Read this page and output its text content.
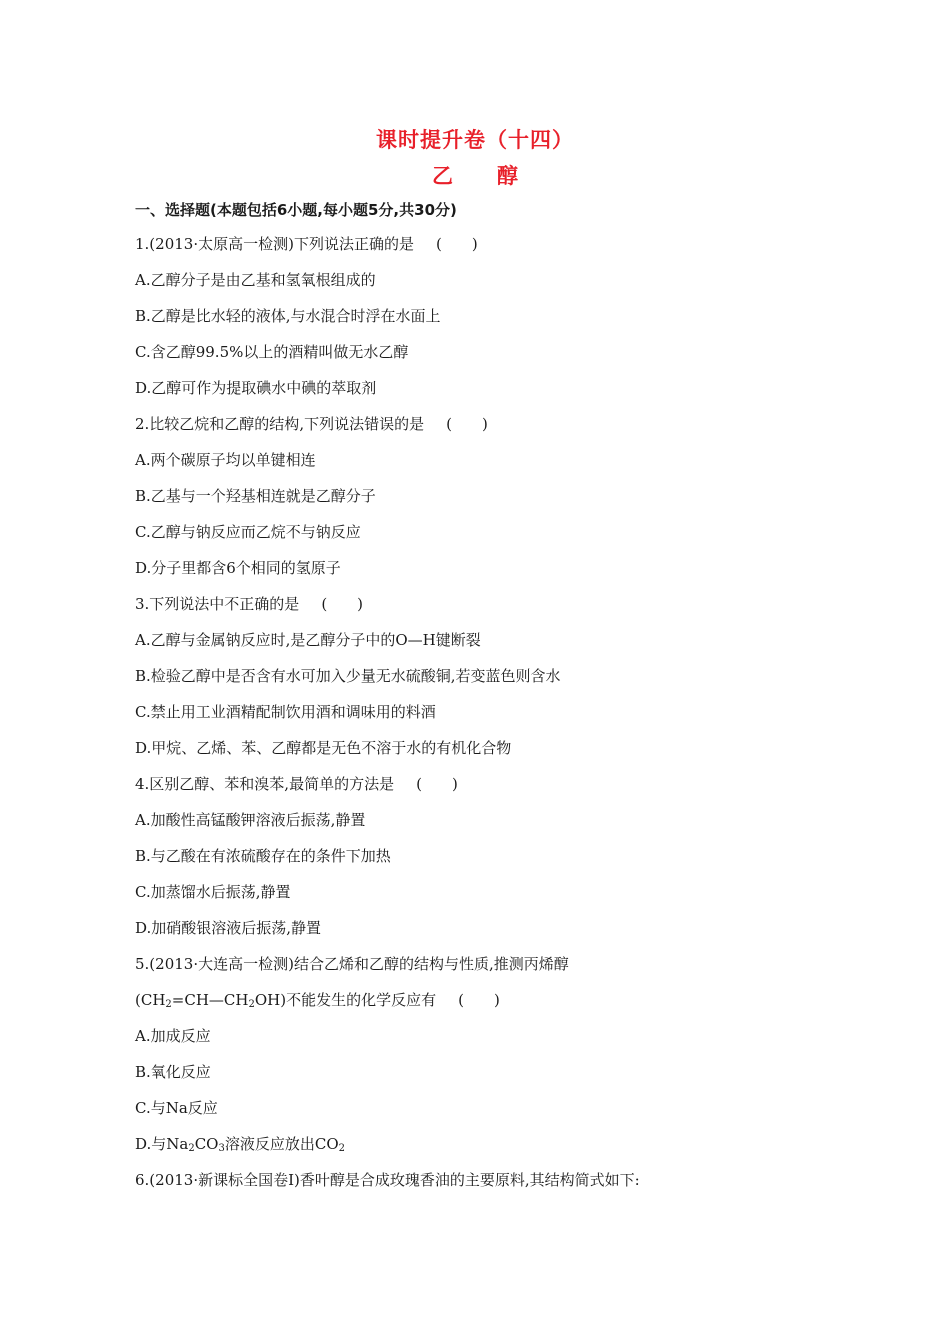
课时提升卷（十四）
乙 醇
一、选择题(本题包括6小题,每小题5分,共30分)
1.(2013·太原高一检测)下列说法正确的是 (　　)
A.乙醇分子是由乙基和氢氧根组成的
B.乙醇是比水轻的液体,与水混合时浮在水面上
C.含乙醇99.5%以上的酒精叫做无水乙醇
D.乙醇可作为提取碘水中碘的萃取剂
2.比较乙烷和乙醇的结构,下列说法错误的是 (　　)
A.两个碳原子均以单键相连
B.乙基与一个羟基相连就是乙醇分子
C.乙醇与钠反应而乙烷不与钠反应
D.分子里都含6个相同的氢原子
3.下列说法中不正确的是 (　　)
A.乙醇与金属钠反应时,是乙醇分子中的O—H键断裂
B.检验乙醇中是否含有水可加入少量无水硫酸铜,若变蓝色则含水
C.禁止用工业酒精配制饮用酒和调味用的料酒
D.甲烷、乙烯、苯、乙醇都是无色不溶于水的有机化合物
4.区别乙醇、苯和溴苯,最简单的方法是 (　　)
A.加酸性高锰酸钾溶液后振荡,静置
B.与乙酸在有浓硫酸存在的条件下加热
C.加蒸馏水后振荡,静置
D.加硝酸银溶液后振荡,静置
5.(2013·大连高一检测)结合乙烯和乙醇的结构与性质,推测丙烯醇
$(CH_2=CH—CH_2OH)$不能发生的化学反应有 (　　)
A.加成反应
B.氧化反应
C.与Na反应
D.与$Na_2CO_3$溶液反应放出$CO_2$
6.(2013·新课标全国卷Ⅰ)香叶醇是合成玫瑰香油的主要原料,其结构简式如下:
